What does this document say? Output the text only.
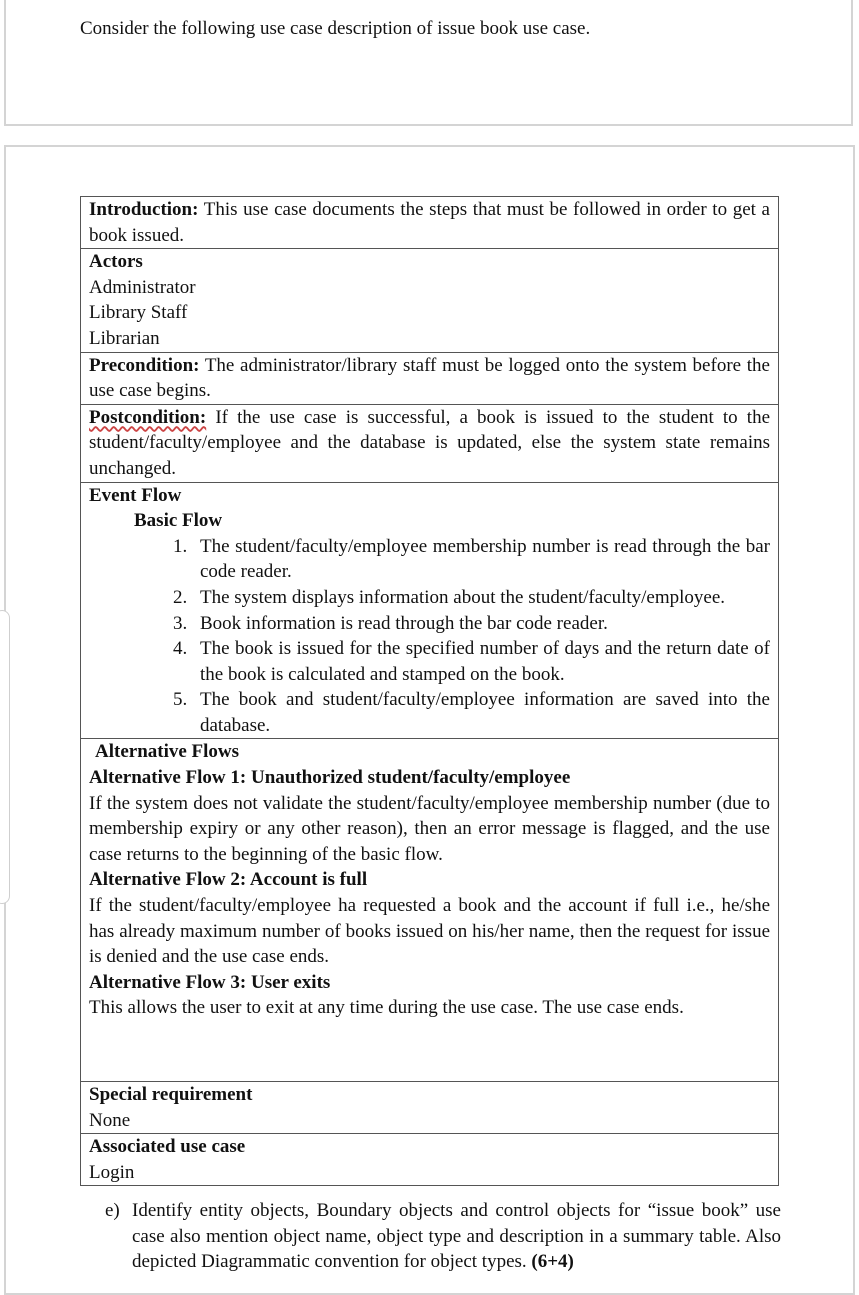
Consider the following use case description of issue book use case.

Introduction: This use case documents the steps that must be followed in order to get a book issued.

Actors
Administrator
Library Staff
Librarian

Precondition: The administrator/library staff must be logged onto the system before the use case begins.
Postcondition: If the use case is successful, a book is issued to the student to the student/faculty/employee and the database is updated, else the system state remains unchanged.

Event Flow
Basic Flow
1. The student/faculty/employee membership number is read through the bar code reader.
2. The system displays information about the student/faculty/employee.
3. Book information is read through the bar code reader.
4. The book is issued for the specified number of days and the return date of the book is calculated and stamped on the book.
5. The book and student/faculty/employee information are saved into the database.

Alternative Flows
Alternative Flow 1: Unauthorized student/faculty/employee
If the system does not validate the student/faculty/employee membership number (due to membership expiry or any other reason), then an error message is flagged, and the use case returns to the beginning of the basic flow.
Alternative Flow 2: Account is full
If the student/faculty/employee ha requested a book and the account if full i.e., he/she has already maximum number of books issued on his/her name, then the request for issue is denied and the use case ends.
Alternative Flow 3: User exits
This allows the user to exit at any time during the use case. The use case ends.

Special requirement
None

Associated use case
Login
e) Identify entity objects, Boundary objects and control objects for “issue book” use case also mention object name, object type and description in a summary table. Also depicted Diagrammatic convention for object types. (6+4)
